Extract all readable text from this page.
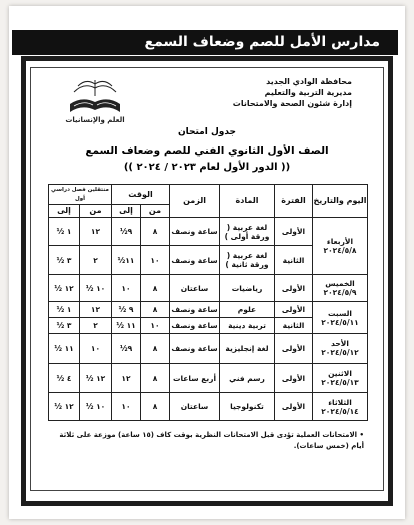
مدارس الأمل للصم وضعاف السمع
العلم والإنسانيات
محافظة الوادي الجديد
مديرية التربية والتعليم
إدارة شئون الصحة والامتحانات
جدول امتحان
الصف الأول الثانوي الفني للصم وضعاف السمع
(( الدور الأول لعام ٢٠٢٣ / ٢٠٢٤ ))
اليوم والتاريخ	الفترة	المادة	الزمن	الوقت		منتقلين فصل دراسي أول	
				من	إلى	من	إلى

الأربعاء
٢٠٢٤/٥/٨	الأولى	لغة عربية ( ورقة أولى )	ساعة ونصف	٨	٩½	١٢	١ ½
	الثانية	لغة عربية ( ورقة ثانية )	ساعة ونصف	١٠	١١½	٢	٣ ½

الخميس
٢٠٢٤/٥/٩	الأولى	رياضيات	ساعتان	٨	١٠	١٠ ½	١٢ ½

السبت
٢٠٢٤/٥/١١	الأولى	علوم	ساعة ونصف	٨	٩ ½	١٢	١ ½
	الثانية	تربية دينية	ساعة ونصف	١٠	١١ ½	٢	٣ ½

الأحد
٢٠٢٤/٥/١٢	الأولى	لغة إنجليزية	ساعة ونصف	٨	٩½	١٠	١١ ½

الاثنين
٢٠٢٤/٥/١٣	الأولى	رسم فني	أربع ساعات	٨	١٢	١٢ ½	٤ ½

الثلاثاء
٢٠٢٤/٥/١٤	الأولى	تكنولوجيا	ساعتان	٨	١٠	١٠ ½	١٢ ½
• الامتحانات العملية تؤدى قبل الامتحانات النظرية بوقت كاف (١٥ ساعة) موزعة على ثلاثة أيام (خمس ساعات).
